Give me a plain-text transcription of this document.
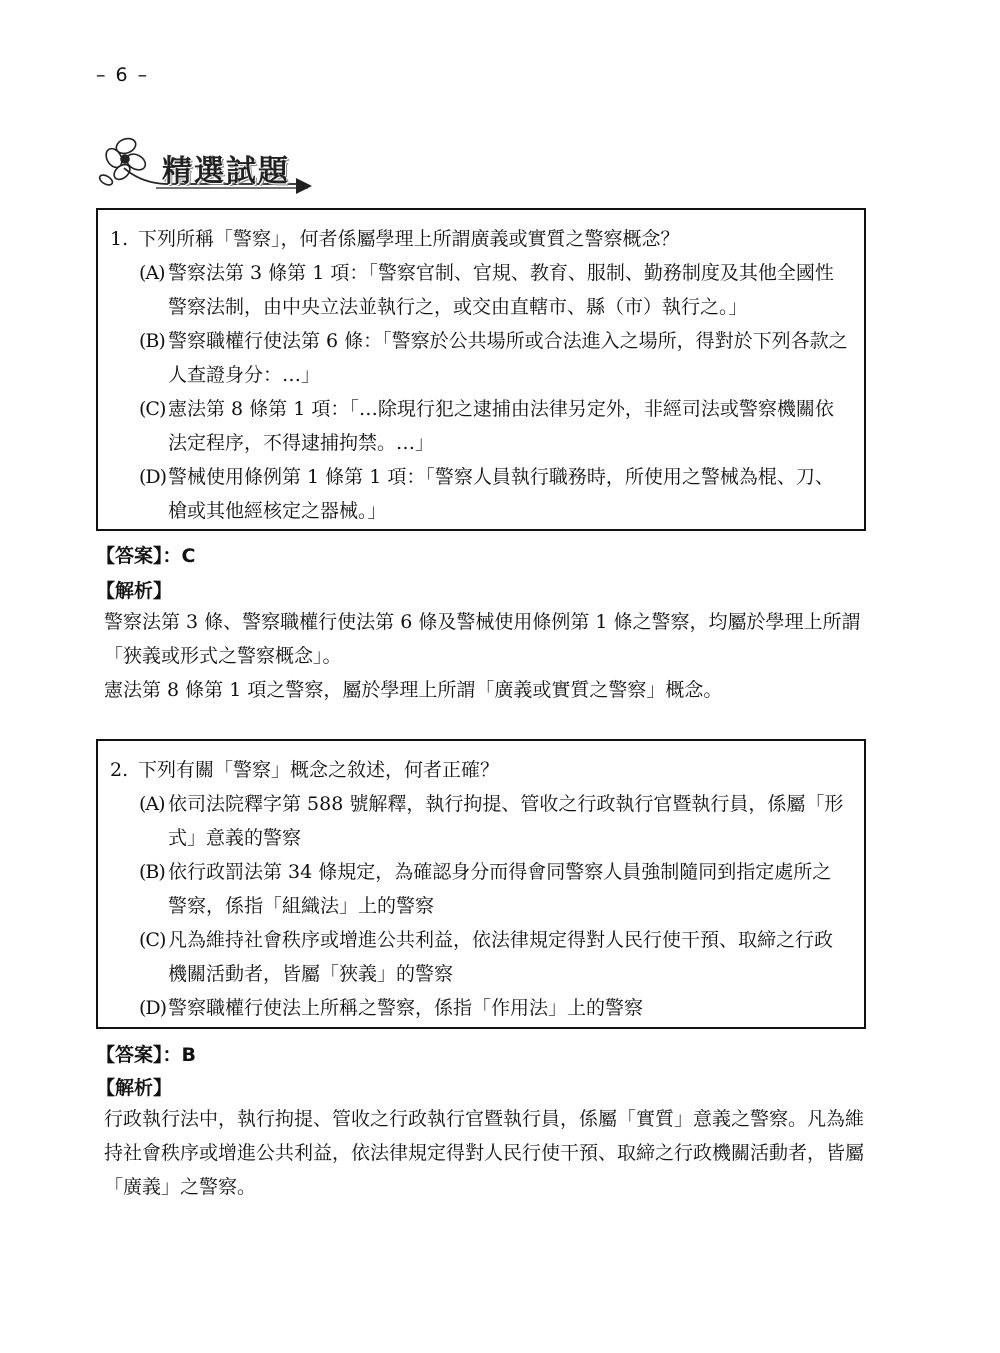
– 6 –
精選試題
1. 下列所稱「警察」，何者係屬學理上所謂廣義或實質之警察概念？
(A) 警察法第 3 條第 1 項：「警察官制、官規、教育、服制、勤務制度及其他全國性警察法制，由中央立法並執行之，或交由直轄市、縣（市）執行之。」
(B) 警察職權行使法第 6 條：「警察於公共場所或合法進入之場所，得對於下列各款之人查證身分：…」
(C) 憲法第 8 條第 1 項：「…除現行犯之逮捕由法律另定外，非經司法或警察機關依法定程序，不得逮捕拘禁。…」
(D) 警械使用條例第 1 條第 1 項：「警察人員執行職務時，所使用之警械為棍、刀、槍或其他經核定之器械。」
【答案】：C
【解析】

警察法第 3 條、警察職權行使法第 6 條及警械使用條例第 1 條之警察，均屬於學理上所謂「狹義或形式之警察概念」。

憲法第 8 條第 1 項之警察，屬於學理上所謂「廣義或實質之警察」概念。

2. 下列有關「警察」概念之敘述，何者正確？
(A) 依司法院釋字第 588 號解釋，執行拘提、管收之行政執行官暨執行員，係屬「形式」意義的警察
(B) 依行政罰法第 34 條規定，為確認身分而得會同警察人員強制隨同到指定處所之警察，係指「組織法」上的警察
(C) 凡為維持社會秩序或增進公共利益，依法律規定得對人民行使干預、取締之行政機關活動者，皆屬「狹義」的警察
(D) 警察職權行使法上所稱之警察，係指「作用法」上的警察
【答案】：B
【解析】

行政執行法中，執行拘提、管收之行政執行官暨執行員，係屬「實質」意義之警察。凡為維持社會秩序或增進公共利益，依法律規定得對人民行使干預、取締之行政機關活動者，皆屬「廣義」之警察。
